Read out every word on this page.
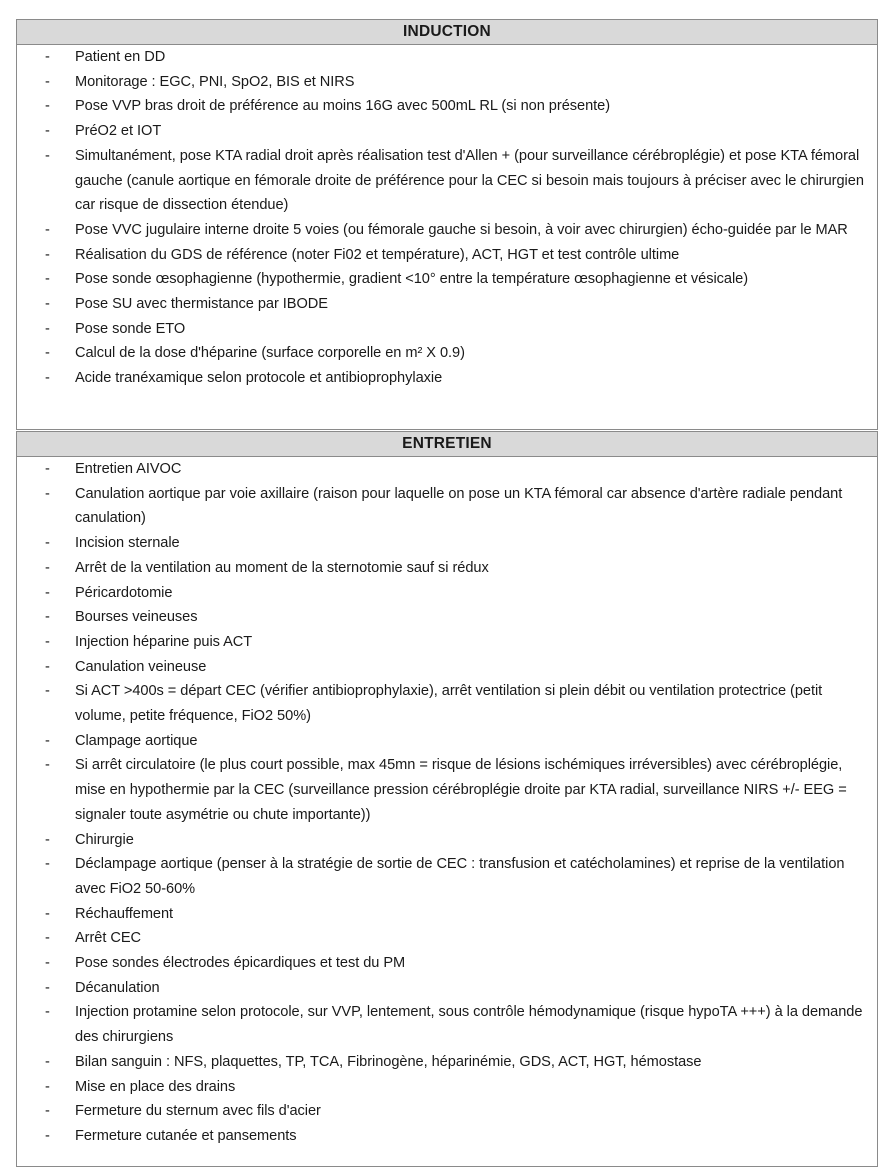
INDUCTION
- Patient en DD
- Monitorage : EGC, PNI, SpO2, BIS et NIRS
- Pose VVP bras droit de préférence au moins 16G avec 500mL RL (si non présente)
- PréO2 et IOT
- Simultanément, pose KTA radial droit après réalisation test d'Allen + (pour surveillance cérébroplégie) et pose KTA fémoral gauche (canule aortique en fémorale droite de préférence pour la CEC si besoin mais toujours à préciser avec le chirurgien car risque de dissection étendue)
- Pose VVC jugulaire interne droite 5 voies (ou fémorale gauche si besoin, à voir avec chirurgien) écho-guidée par le MAR
- Réalisation du GDS de référence (noter Fi02 et température), ACT, HGT et test contrôle ultime
- Pose sonde œsophagienne (hypothermie, gradient <10° entre la température œsophagienne et vésicale)
- Pose SU avec thermistance par IBODE
- Pose sonde ETO
- Calcul de la dose d'héparine (surface corporelle en m² X 0.9)
- Acide tranéxamique selon protocole et antibioprophylaxie
ENTRETIEN
- Entretien AIVOC
- Canulation aortique par voie axillaire (raison pour laquelle on pose un KTA fémoral car absence d'artère radiale pendant canulation)
- Incision sternale
- Arrêt de la ventilation au moment de la sternotomie sauf si rédux
- Péricardotomie
- Bourses veineuses
- Injection héparine puis ACT
- Canulation veineuse
- Si ACT >400s = départ CEC (vérifier antibioprophylaxie), arrêt ventilation si plein débit ou ventilation protectrice (petit volume, petite fréquence, FiO2 50%)
- Clampage aortique
- Si arrêt circulatoire (le plus court possible, max 45mn = risque de lésions ischémiques irréversibles) avec cérébroplégie, mise en hypothermie par la CEC (surveillance pression cérébroplégie droite par KTA radial, surveillance NIRS +/- EEG = signaler toute asymétrie ou chute importante))
- Chirurgie
- Déclampage aortique (penser à la stratégie de sortie de CEC : transfusion et catécholamines) et reprise de la ventilation avec FiO2 50-60%
- Réchauffement
- Arrêt CEC
- Pose sondes électrodes épicardiques et test du PM
- Décanulation
- Injection protamine selon protocole, sur VVP, lentement, sous contrôle hémodynamique (risque hypoTA +++) à la demande des chirurgiens
- Bilan sanguin : NFS, plaquettes, TP, TCA, Fibrinogène, héparinémie, GDS, ACT, HGT, hémostase
- Mise en place des drains
- Fermeture du sternum avec fils d'acier
- Fermeture cutanée et pansements
